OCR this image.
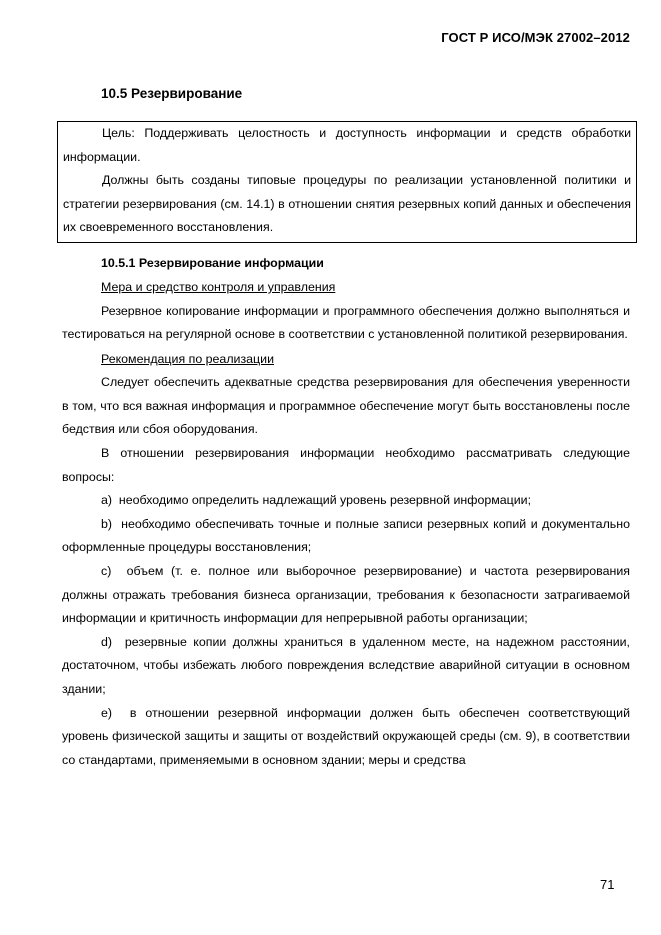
ГОСТ Р ИСО/МЭК 27002–2012
10.5 Резервирование

Цель: Поддерживать целостность и доступность информации и средств обработки информации.

Должны быть созданы типовые процедуры по реализации установленной политики и стратегии резервирования (см. 14.1) в отношении снятия резервных копий данных и обеспечения их своевременного восстановления.

10.5.1 Резервирование информации

Мера и средство контроля и управления

Резервное копирование информации и программного обеспечения должно выполняться и тестироваться на регулярной основе в соответствии с установленной политикой резервирования.

Рекомендация по реализации

Следует обеспечить адекватные средства резервирования для обеспечения уверенности в том, что вся важная информация и программное обеспечение могут быть восстановлены после бедствия или сбоя оборудования.

В отношении резервирования информации необходимо рассматривать следующие вопросы:

а) необходимо определить надлежащий уровень резервной информации;

b) необходимо обеспечивать точные и полные записи резервных копий и документально оформленные процедуры восстановления;

c) объем (т. е. полное или выборочное резервирование) и частота резервирования должны отражать требования бизнеса организации, требования к безопасности затрагиваемой информации и критичность информации для непрерывной работы организации;

d) резервные копии должны храниться в удаленном месте, на надежном расстоянии, достаточном, чтобы избежать любого повреждения вследствие аварийной ситуации в основном здании;

e) в отношении резервной информации должен быть обеспечен соответствующий уровень физической защиты и защиты от воздействий окружающей среды (см. 9), в соответствии со стандартами, применяемыми в основном здании; меры и средства

71
